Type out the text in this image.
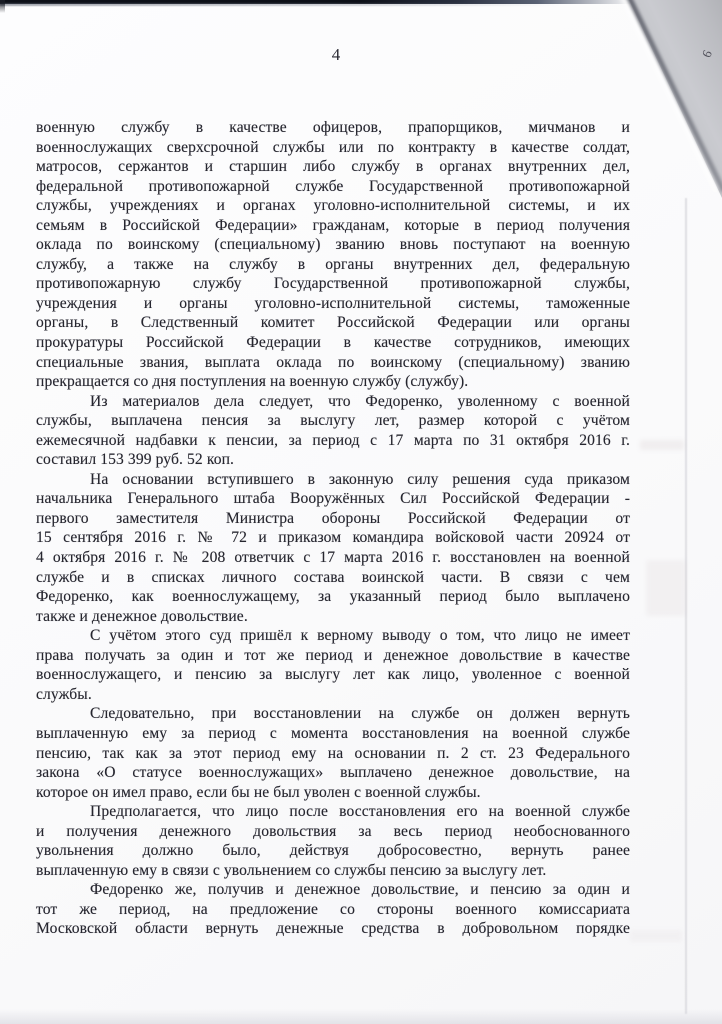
6
4
военную службу в качестве офицеров, прапорщиков, мичманов и
военнослужащих сверхсрочной службы или по контракту в качестве солдат,
матросов, сержантов и старшин либо службу в органах внутренних дел,
федеральной противопожарной службе Государственной противопожарной
службы, учреждениях и органах уголовно-исполнительной системы, и их
семьям в Российской Федерации» гражданам, которые в период получения
оклада по воинскому (специальному) званию вновь поступают на военную
службу, а также на службу в органы внутренних дел, федеральную
противопожарную службу Государственной противопожарной службы,
учреждения и органы уголовно-исполнительной системы, таможенные
органы, в Следственный комитет Российской Федерации или органы
прокуратуры Российской Федерации в качестве сотрудников, имеющих
специальные звания, выплата оклада по воинскому (специальному) званию
прекращается со дня поступления на военную службу (службу).
Из материалов дела следует, что Федоренко, уволенному с военной
службы, выплачена пенсия за выслугу лет, размер которой с учётом
ежемесячной надбавки к пенсии, за период с 17 марта по 31 октября 2016 г.
составил 153 399 руб. 52 коп.
На основании вступившего в законную силу решения суда приказом
начальника Генерального штаба Вооружённых Сил Российской Федерации -
первого заместителя Министра обороны Российской Федерации от
15 сентября 2016 г. № 72 и приказом командира войсковой части 20924 от
4 октября 2016 г. № 208 ответчик с 17 марта 2016 г. восстановлен на военной
службе и в списках личного состава воинской части. В связи с чем
Федоренко, как военнослужащему, за указанный период было выплачено
также и денежное довольствие.
С учётом этого суд пришёл к верному выводу о том, что лицо не имеет
права получать за один и тот же период и денежное довольствие в качестве
военнослужащего, и пенсию за выслугу лет как лицо, уволенное с военной
службы.
Следовательно, при восстановлении на службе он должен вернуть
выплаченную ему за период с момента восстановления на военной службе
пенсию, так как за этот период ему на основании п. 2 ст. 23 Федерального
закона «О статусе военнослужащих» выплачено денежное довольствие, на
которое он имел право, если бы не был уволен с военной службы.
Предполагается, что лицо после восстановления его на военной службе
и получения денежного довольствия за весь период необоснованного
увольнения должно было, действуя добросовестно, вернуть ранее
выплаченную ему в связи с увольнением со службы пенсию за выслугу лет.
Федоренко же, получив и денежное довольствие, и пенсию за один и
тот же период, на предложение со стороны военного комиссариата
Московской области вернуть денежные средства в добровольном порядке
